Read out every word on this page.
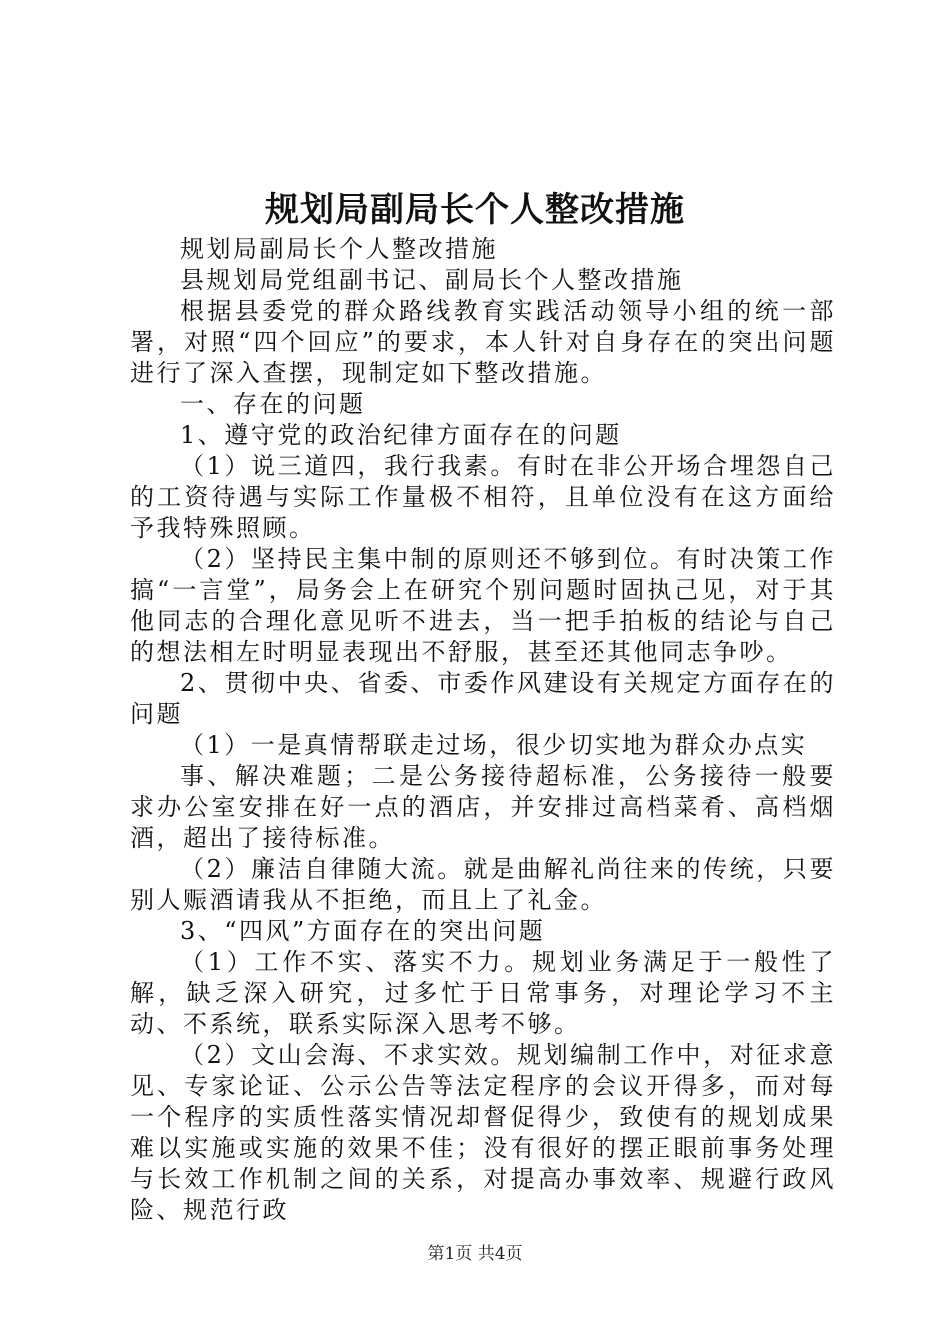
规划局副局长个人整改措施

规划局副局长个人整改措施

县规划局党组副书记、副局长个人整改措施

根据县委党的群众路线教育实践活动领导小组的统一部署，对照“四个回应”的要求，本人针对自身存在的突出问题进行了深入查摆，现制定如下整改措施。

一、存在的问题

1、遵守党的政治纪律方面存在的问题

（1）说三道四，我行我素。有时在非公开场合埋怨自己的工资待遇与实际工作量极不相符，且单位没有在这方面给予我特殊照顾。

（2）坚持民主集中制的原则还不够到位。有时决策工作搞“一言堂”，局务会上在研究个别问题时固执己见，对于其他同志的合理化意见听不进去，当一把手拍板的结论与自己的想法相左时明显表现出不舒服，甚至还其他同志争吵。

2、贯彻中央、省委、市委作风建设有关规定方面存在的问题

（1）一是真情帮联走过场，很少切实地为群众办点实

事、解决难题；二是公务接待超标准，公务接待一般要求办公室安排在好一点的酒店，并安排过高档菜肴、高档烟酒，超出了接待标准。

（2）廉洁自律随大流。就是曲解礼尚往来的传统，只要别人赈酒请我从不拒绝，而且上了礼金。

3、“四风”方面存在的突出问题

（1）工作不实、落实不力。规划业务满足于一般性了解，缺乏深入研究，过多忙于日常事务，对理论学习不主动、不系统，联系实际深入思考不够。

（2）文山会海、不求实效。规划编制工作中，对征求意见、专家论证、公示公告等法定程序的会议开得多，而对每一个程序的实质性落实情况却督促得少，致使有的规划成果难以实施或实施的效果不佳；没有很好的摆正眼前事务处理与长效工作机制之间的关系，对提高办事效率、规避行政风险、规范行政

第1页 共4页
